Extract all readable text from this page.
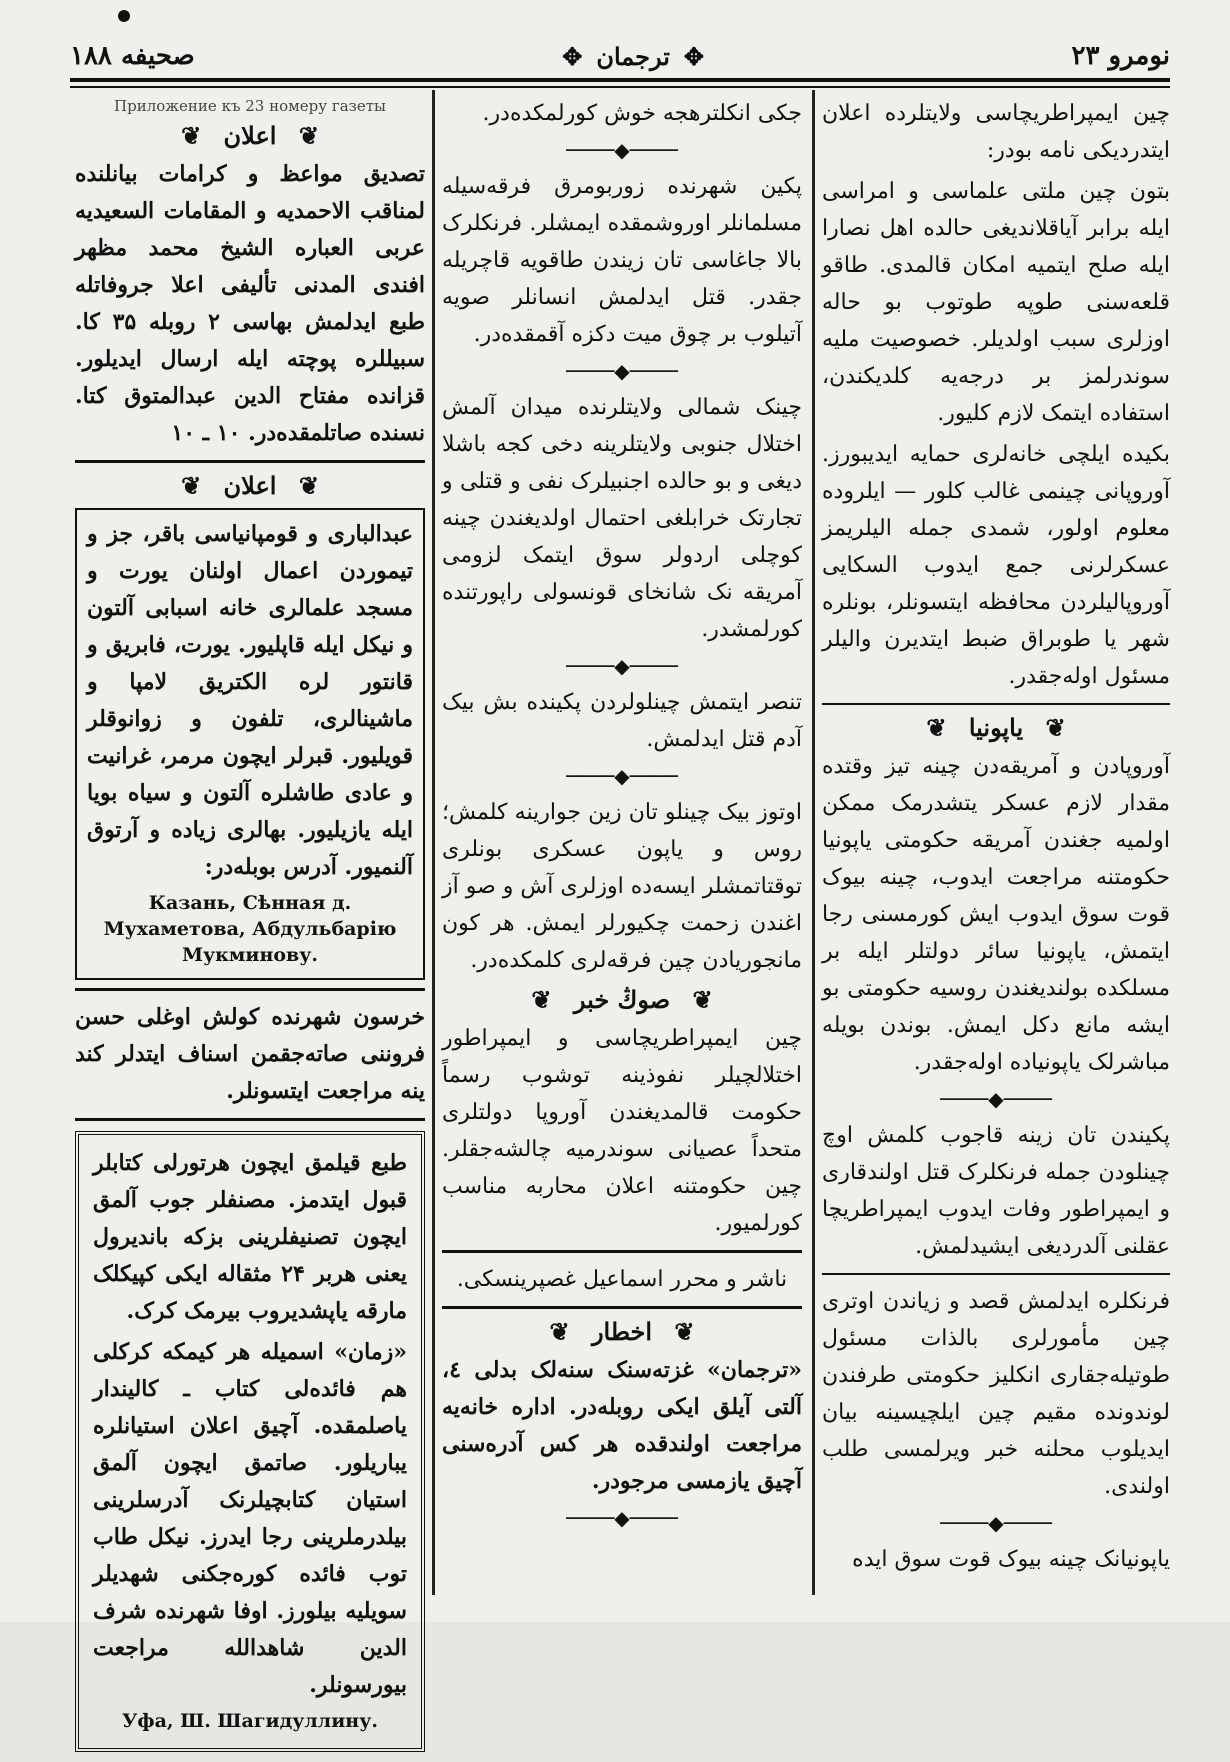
صحیفه ۱۸۸	✥ ترجمان ✥	نومرو ۲۳

چین ایمپراطریچاسی ولایتلرده اعلان ایتدردیکی نامه بودر:

بتون چین ملتی علماسی و امراسی ایله برابر آیاقلاندیغی حالده اهل نصارا ایله صلح ایتمیه امکان قالمدی. طاقو قلعه‌سنی طوپه طوتوب بو حاله اوزلری سبب اولدیلر. خصوصیت ملیه سوندرلمز بر درجه‌یه کلدیکندن، استفاده ایتمک لازم کلیور.

بکیده ایلچی خانه‌لری حمایه ایدیبورز. آوروپانی چینمی غالب کلور — ایلروده معلوم اولور، شمدی جمله الیلریمز عسکرلرنی جمع ایدوب السکایی آوروپالیلردن محافظه ایتسونلر، بونلره شهر یا طوبراق ضبط ایتدیرن والیلر مسئول اوله‌جقدر.

❦ یاپونیا ❦

آوروپادن و آمریقه‌دن چینه تیز وقتده مقدار لازم عسکر یتشدرمک ممکن اولمیه جغندن آمریقه حکومتی یاپونیا حکومتنه مراجعت ایدوب، چینه بیوک قوت سوق ایدوب ایش کورمسنی رجا ایتمش، یاپونیا سائر دولتلر ایله بر مسلکده بولندیغندن روسیه حکومتی بو ایشه مانع دکل ایمش. بوندن بویله مباشرلک یاپونیاده اوله‌جقدر.

────◆────

پکیندن تان زینه قاجوب کلمش اوچ چینلودن جمله فرنکلرک قتل اولندقاری و ایمپراطور وفات ایدوب ایمپراطریچا عقلنی آلدردیغی ایشیدلمش.

فرنکلره ایدلمش قصد و زیاندن اوتری چین مأمورلری بالذات مسئول طوتیله‌جقاری انکلیز حکومتی طرفندن لوندونده مقیم چین ایلچیسینه بیان ایدیلوب محلنه خبر ویرلمسی طلب اولندی.

────◆────

یاپونیانک چینه بیوک قوت سوق ایده

جکی انکلترهجه خوش کورلمکده‌در.

────◆────

پکین شهرنده زوربومرق فرقه‌سیله مسلمانلر اوروشمقده ایمشلر. فرنکلرک بالا جاغاسی تان زیندن طاقویه قاچریله جقدر. قتل ایدلمش انسانلر صویه آتیلوب بر چوق میت دکزه آقمقده‌در.

────◆────

چینک شمالی ولایتلرنده میدان آلمش اختلال جنوبی ولایتلرینه دخی کجه باشلا دیغی و بو حالده اجنبیلرک نفی و قتلی و تجارتک خرابلغی احتمال اولدیغندن چینه کوچلی اردولر سوق ایتمک لزومی آمریقه نک شانخای قونسولی راپورتنده کورلمشدر.

────◆────

تنصر ایتمش چینلولردن پکینده بش بیک آدم قتل ایدلمش.

────◆────

اوتوز بیک چینلو تان زین جوارینه کلمش؛ روس و یاپون عسکری بونلری توقتاتمشلر ایسه‌ده اوزلری آش و صو آز اغندن زحمت چکیورلر ایمش. هر کون مانجوریادن چین فرقه‌لری کلمکده‌در.

❦ صوڭ خبر ❦

چین ایمپراطریچاسی و ایمپراطور اختلالچیلر نفوذینه توشوب رسماً حکومت قالمدیغندن آوروپا دولتلری متحداً عصیانی سوندرمیه چالشه‌جقلر. چین حکومتنه اعلان محاربه مناسب کورلمیور.

ناشر و محرر اسماعیل غصپرینسکی.

❦ اخطار ❦

«ترجمان» غزته‌سنک سنه‌لک بدلی ٤، آلتی آیلق ایکی روبله‌در. اداره خانه‌یه مراجعت اولندقده هر کس آدره‌سنی آچیق یازمسی مرجودر.

────◆────
Приложение къ 23 номеру газеты
❦ اعلان ❦

تصدیق مواعظ و کرامات بیانلنده لمناقب الاحمدیه و المقامات السعیدیه عربی العباره الشیخ محمد مظهر افندی المدنی تألیفی اعلا جروفاتله طبع ایدلمش بهاسی ۲ روبله ۳۵ کا. سبیللره پوچته ایله ارسال ایدیلور. قزانده مفتاح الدین عبدالمتوق کتا. نسنده صاتلمقده‌در. ۱۰ ـ ۱۰

❦ اعلان ❦

عبدالباری و قومپانیاسی باقر، جز و تیموردن اعمال اولنان یورت و مسجد علمالری خانه اسبابی آلتون و نیکل ایله قاپلیور. یورت، فابریق و قانتور لره الکتریق لامپا و ماشینالری، تلفون و زوانوقلر قویلیور. قبرلر ایچون مرمر، غرانیت و عادی طاشلره آلتون و سیاه بویا ایله یازیلیور. بهالری زیاده و آرتوق آلنمیور. آدرس بوبله‌در:

Казань, Сѣнная д. Мухаметова, Абдульбарію Мукминову.

خرسون شهرنده کولش اوغلی حسن فروننی صاته‌جقمن اسناف ایتدلر کند ینه مراجعت ایتسونلر.

طبع قیلمق ایچون هرتورلی کتابلر قبول ایتدمز. مصنفلر جوب آلمق ایچون تصنیفلرینی بزکه باندیرول یعنی هربر ۲۴ مثقاله ایکی کپیکلک مارقه یاپشدیروب بیرمک کرک.

«زمان» اسمیله هر کیمکه کرکلی هم فائده‌لی کتاب ـ کالیندار یاصلمقده. آچیق اعلان استیانلره یباریلور. صاتمق ایچون آلمق استیان کتابچیلرنک آدرسلرینی بیلدرملرینی رجا ایدرز. نیکل طاب توب فائده کوره‌جکنی شهدیلر سویلیه بیلورز. اوفا شهرنده شرف الدین شاهدالله مراجعت بیورسونلر.

Уфа, Ш. Шагидуллину.
